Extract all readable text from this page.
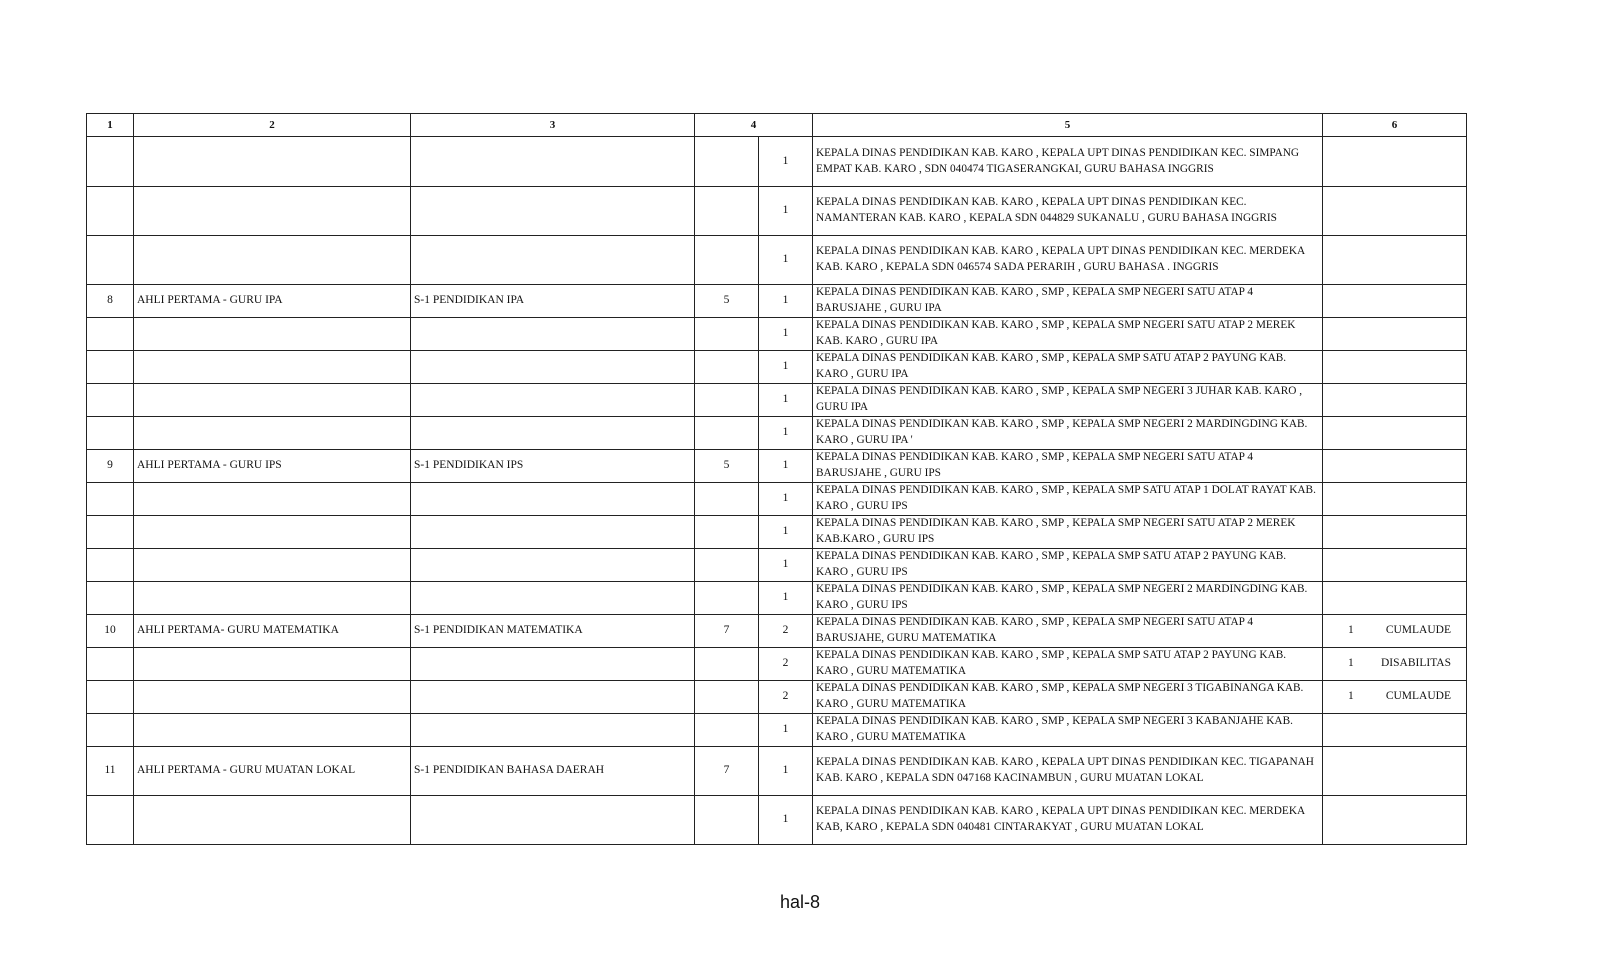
1	2	3	4		5	6
				1	KEPALA DINAS PENDIDIKAN KAB. KARO , KEPALA UPT DINAS PENDIDIKAN KEC. SIMPANG EMPAT KAB. KARO , SDN 040474 TIGASERANGKAI, GURU BAHASA INGGRIS	

				1	KEPALA DINAS PENDIDIKAN KAB. KARO , KEPALA UPT DINAS PENDIDIKAN KEC. NAMANTERAN KAB. KARO , KEPALA SDN 044829 SUKANALU , GURU BAHASA INGGRIS	

				1	KEPALA DINAS PENDIDIKAN KAB. KARO , KEPALA UPT DINAS PENDIDIKAN KEC. MERDEKA KAB. KARO , KEPALA SDN 046574 SADA PERARIH , GURU BAHASA . INGGRIS	

8	AHLI PERTAMA - GURU IPA	S-1 PENDIDIKAN IPA	5	1	KEPALA DINAS PENDIDIKAN KAB. KARO , SMP , KEPALA SMP NEGERI SATU ATAP 4 BARUSJAHE , GURU IPA	

				1	KEPALA DINAS PENDIDIKAN KAB. KARO , SMP , KEPALA SMP NEGERI SATU ATAP 2 MEREK KAB. KARO , GURU IPA	

				1	KEPALA DINAS PENDIDIKAN KAB. KARO , SMP , KEPALA SMP SATU ATAP 2 PAYUNG KAB. KARO , GURU IPA	

				1	KEPALA DINAS PENDIDIKAN KAB. KARO , SMP , KEPALA SMP NEGERI 3 JUHAR KAB. KARO , GURU IPA	

				1	KEPALA DINAS PENDIDIKAN KAB. KARO , SMP , KEPALA SMP NEGERI 2 MARDINGDING KAB. KARO , GURU IPA '	

9	AHLI PERTAMA - GURU IPS	S-1 PENDIDIKAN IPS	5	1	KEPALA DINAS PENDIDIKAN KAB. KARO , SMP , KEPALA SMP NEGERI SATU ATAP 4 BARUSJAHE , GURU IPS	

				1	KEPALA DINAS PENDIDIKAN KAB. KARO , SMP , KEPALA SMP SATU ATAP 1 DOLAT RAYAT KAB. KARO , GURU IPS	

				1	KEPALA DINAS PENDIDIKAN KAB. KARO , SMP , KEPALA SMP NEGERI SATU ATAP 2 MEREK KAB.KARO , GURU IPS	

				1	KEPALA DINAS PENDIDIKAN KAB. KARO , SMP , KEPALA SMP SATU ATAP 2 PAYUNG KAB. KARO , GURU IPS	

				1	KEPALA DINAS PENDIDIKAN KAB. KARO , SMP , KEPALA SMP NEGERI 2 MARDINGDING KAB. KARO , GURU IPS	

10	AHLI PERTAMA- GURU MATEMATIKA	S-1 PENDIDIKAN MATEMATIKA	7	2	KEPALA DINAS PENDIDIKAN KAB. KARO , SMP , KEPALA SMP NEGERI SATU ATAP 4 BARUSJAHE, GURU MATEMATIKA	1 CUMLAUDE

				2	KEPALA DINAS PENDIDIKAN KAB. KARO , SMP , KEPALA SMP SATU ATAP 2 PAYUNG KAB. KARO , GURU MATEMATIKA	1 DISABILITAS

				2	KEPALA DINAS PENDIDIKAN KAB. KARO , SMP , KEPALA SMP NEGERI 3 TIGABINANGA KAB. KARO , GURU MATEMATIKA	1 CUMLAUDE

				1	KEPALA DINAS PENDIDIKAN KAB. KARO , SMP , KEPALA SMP NEGERI 3 KABANJAHE KAB. KARO , GURU MATEMATIKA	

11	AHLI PERTAMA - GURU MUATAN LOKAL	S-1 PENDIDIKAN BAHASA DAERAH	7	1	KEPALA DINAS PENDIDIKAN KAB. KARO , KEPALA UPT DINAS PENDIDIKAN KEC. TIGAPANAH KAB. KARO , KEPALA SDN 047168 KACINAMBUN , GURU MUATAN LOKAL	

				1	KEPALA DINAS PENDIDIKAN KAB. KARO , KEPALA UPT DINAS PENDIDIKAN KEC. MERDEKA KAB, KARO , KEPALA SDN 040481 CINTARAKYAT , GURU MUATAN LOKAL	
hal-8
